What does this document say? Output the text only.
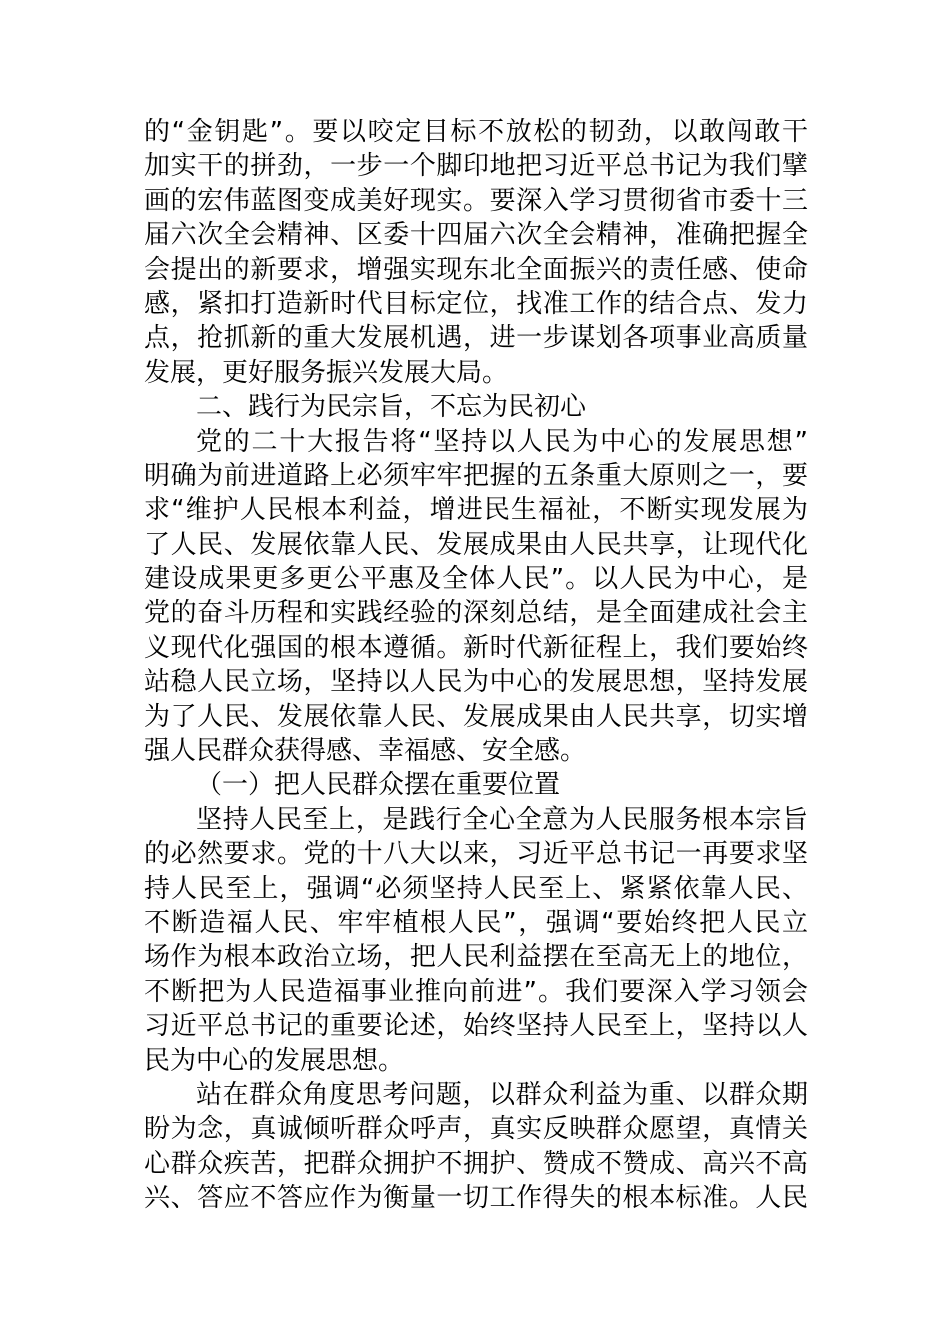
的“金钥匙”。要以咬定目标不放松的韧劲，以敢闯敢干
加实干的拼劲，一步一个脚印地把习近平总书记为我们擘
画的宏伟蓝图变成美好现实。要深入学习贯彻省市委十三
届六次全会精神、区委十四届六次全会精神，准确把握全
会提出的新要求，增强实现东北全面振兴的责任感、使命
感，紧扣打造新时代目标定位，找准工作的结合点、发力
点，抢抓新的重大发展机遇，进一步谋划各项事业高质量
发展，更好服务振兴发展大局。
二、践行为民宗旨，不忘为民初心
党的二十大报告将“坚持以人民为中心的发展思想”
明确为前进道路上必须牢牢把握的五条重大原则之一，要
求“维护人民根本利益，增进民生福祉，不断实现发展为
了人民、发展依靠人民、发展成果由人民共享，让现代化
建设成果更多更公平惠及全体人民”。以人民为中心，是
党的奋斗历程和实践经验的深刻总结，是全面建成社会主
义现代化强国的根本遵循。新时代新征程上，我们要始终
站稳人民立场，坚持以人民为中心的发展思想，坚持发展
为了人民、发展依靠人民、发展成果由人民共享，切实增
强人民群众获得感、幸福感、安全感。
（一）把人民群众摆在重要位置
坚持人民至上，是践行全心全意为人民服务根本宗旨
的必然要求。党的十八大以来，习近平总书记一再要求坚
持人民至上，强调“必须坚持人民至上、紧紧依靠人民、
不断造福人民、牢牢植根人民”，强调“要始终把人民立
场作为根本政治立场，把人民利益摆在至高无上的地位，
不断把为人民造福事业推向前进”。我们要深入学习领会
习近平总书记的重要论述，始终坚持人民至上，坚持以人
民为中心的发展思想。
站在群众角度思考问题，以群众利益为重、以群众期
盼为念，真诚倾听群众呼声，真实反映群众愿望，真情关
心群众疾苦，把群众拥护不拥护、赞成不赞成、高兴不高
兴、答应不答应作为衡量一切工作得失的根本标准。人民
